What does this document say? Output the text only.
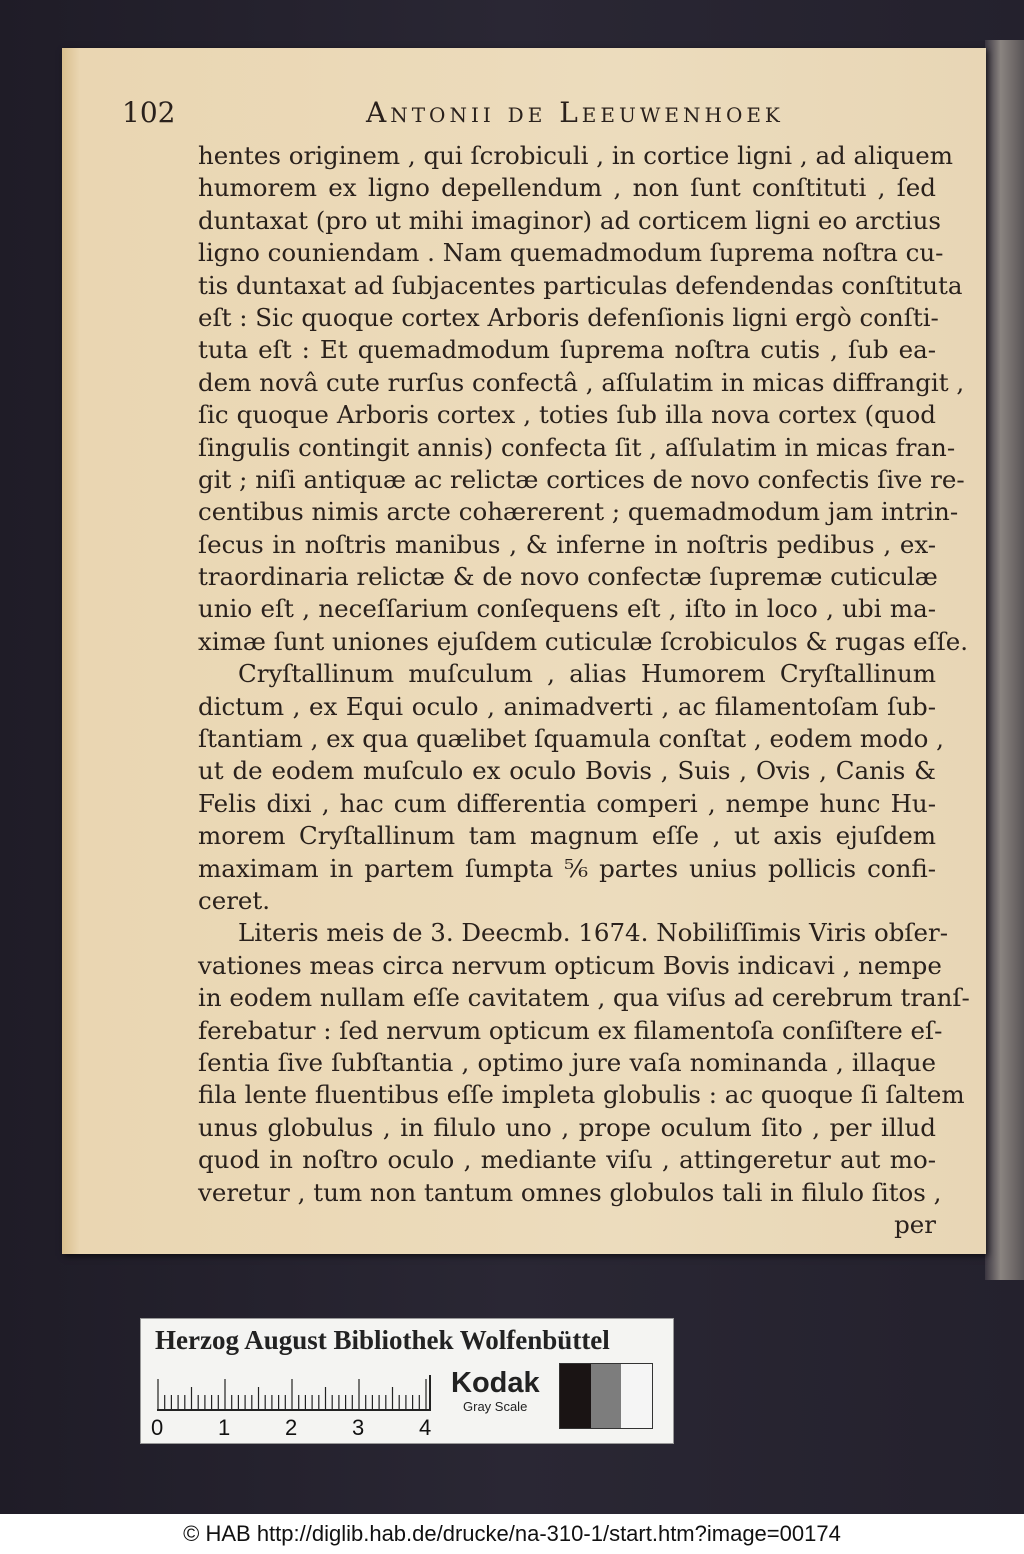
102	Antonii de Leeuwenhoek
hentes originem , qui ſcrobiculi , in cortice ligni , ad aliquem
humorem ex ligno depellendum , non ſunt conſtituti , ſed
duntaxat (pro ut mihi imaginor) ad corticem ligni eo arctius
ligno couniendam . Nam quemadmodum ſuprema noſtra cu-
tis duntaxat ad ſubjacentes particulas defendendas conſtituta
eſt : Sic quoque cortex Arboris defenſionis ligni ergò conſti-
tuta eſt : Et quemadmodum ſuprema noſtra cutis , ſub ea-
dem novâ cute rurſus confectâ , aſſulatim in micas diffrangit ,
ſic quoque Arboris cortex , toties ſub illa nova cortex (quod
ſingulis contingit annis) confecta ſit , aſſulatim in micas fran-
git ; niſi antiquæ ac relictæ cortices de novo confectis ſive re-
centibus nimis arcte cohærerent ; quemadmodum jam intrin-
ſecus in noſtris manibus , & inferne in noſtris pedibus , ex-
traordinaria relictæ & de novo confectæ ſupremæ cuticulæ
unio eſt , neceſſarium conſequens eſt , iſto in loco , ubi ma-
ximæ ſunt uniones ejuſdem cuticulæ ſcrobiculos & rugas eſſe.
Cryſtallinum muſculum , alias Humorem Cryſtallinum
dictum , ex Equi oculo , animadverti , ac filamentoſam ſub-
ſtantiam , ex qua quælibet ſquamula conſtat , eodem modo ,
ut de eodem muſculo ex oculo Bovis , Suis , Ovis , Canis &
Felis dixi , hac cum differentia comperi , nempe hunc Hu-
morem Cryſtallinum tam magnum eſſe , ut axis ejuſdem
maximam in partem ſumpta ⁵⁄₆ partes unius pollicis confi-
ceret.
Literis meis de 3. Deecmb. 1674. Nobiliſſimis Viris obſer-
vationes meas circa nervum opticum Bovis indicavi , nempe
in eodem nullam eſſe cavitatem , qua viſus ad cerebrum tranſ-
ferebatur : ſed nervum opticum ex filamentoſa conſiſtere eſ-
ſentia ſive ſubſtantia , optimo jure vaſa nominanda , illaque
fila lente fluentibus eſſe impleta globulis : ac quoque ſi ſaltem
unus globulus , in filulo uno , prope oculum ſito , per illud
quod in noſtro oculo , mediante viſu , attingeretur aut mo-
veretur , tum non tantum omnes globulos tali in filulo ſitos ,
per
Herzog August Bibliothek Wolfenbüttel
0 1 2 3 4
Kodak
Gray Scale
© HAB http://diglib.hab.de/drucke/na-310-1/start.htm?image=00174
